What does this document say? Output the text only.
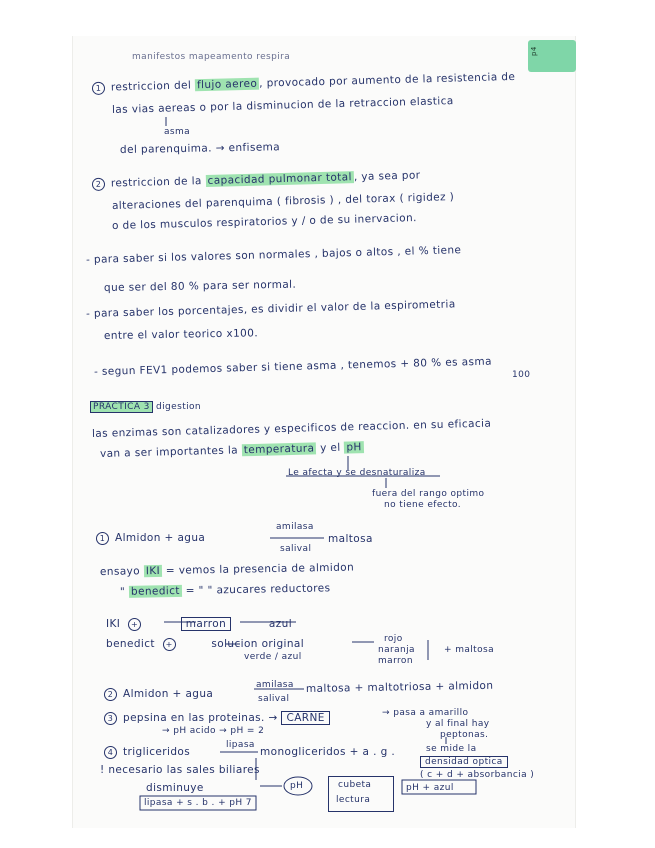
p4
manifestos mapeamento respira
1 restriccion del flujo aereo , provocado por aumento de la resistencia de
las vias aereas o por la disminucion de la retraccion elastica
asma
del parenquima. → enfisema
2 restriccion de la capacidad pulmonar total , ya sea por
alteraciones del parenquima ( fibrosis ) , del torax ( rigidez )
o de los musculos respiratorios y / o de su inervacion.
- para saber si los valores son normales , bajos o altos , el % tiene
que ser del 80 % para ser normal.
- para saber los porcentajes, es dividir el valor de la espirometria
entre el valor teorico x100.
- segun FEV1 podemos saber si tiene asma , tenemos + 80 % es asma 100
PRACTICA 3 digestion
las enzimas son catalizadores y especificos de reaccion. en su eficacia
van a ser importantes la temperatura y el pH
Le afecta y se desnaturaliza
fuera del rango optimo
no tiene efecto.
1 Almidon + agua
amilasa
salival
maltosa
ensayo IKI = vemos la presencia de almidon
" benedict = " " azucares reductores
IKI +	marron	azul
benedict +	solucion original
verde / azul
rojo
naranja
marron
+ maltosa
2 Almidon + agua
amilasa
salival
maltosa + maltotriosa + almidon
3 pepsina en las proteinas. → CARNE	→ pasa a amarillo
→ pH acido → pH = 2
y al final hay
peptonas.
4 trigliceridos
lipasa
monogliceridos + a . g .
! necesario las sales biliares
disminuye	pH
se mide la
densidad optica
( c + d + absorbancia )
lipasa + s . b . + pH 7
cubeta
lectura
pH + azul
